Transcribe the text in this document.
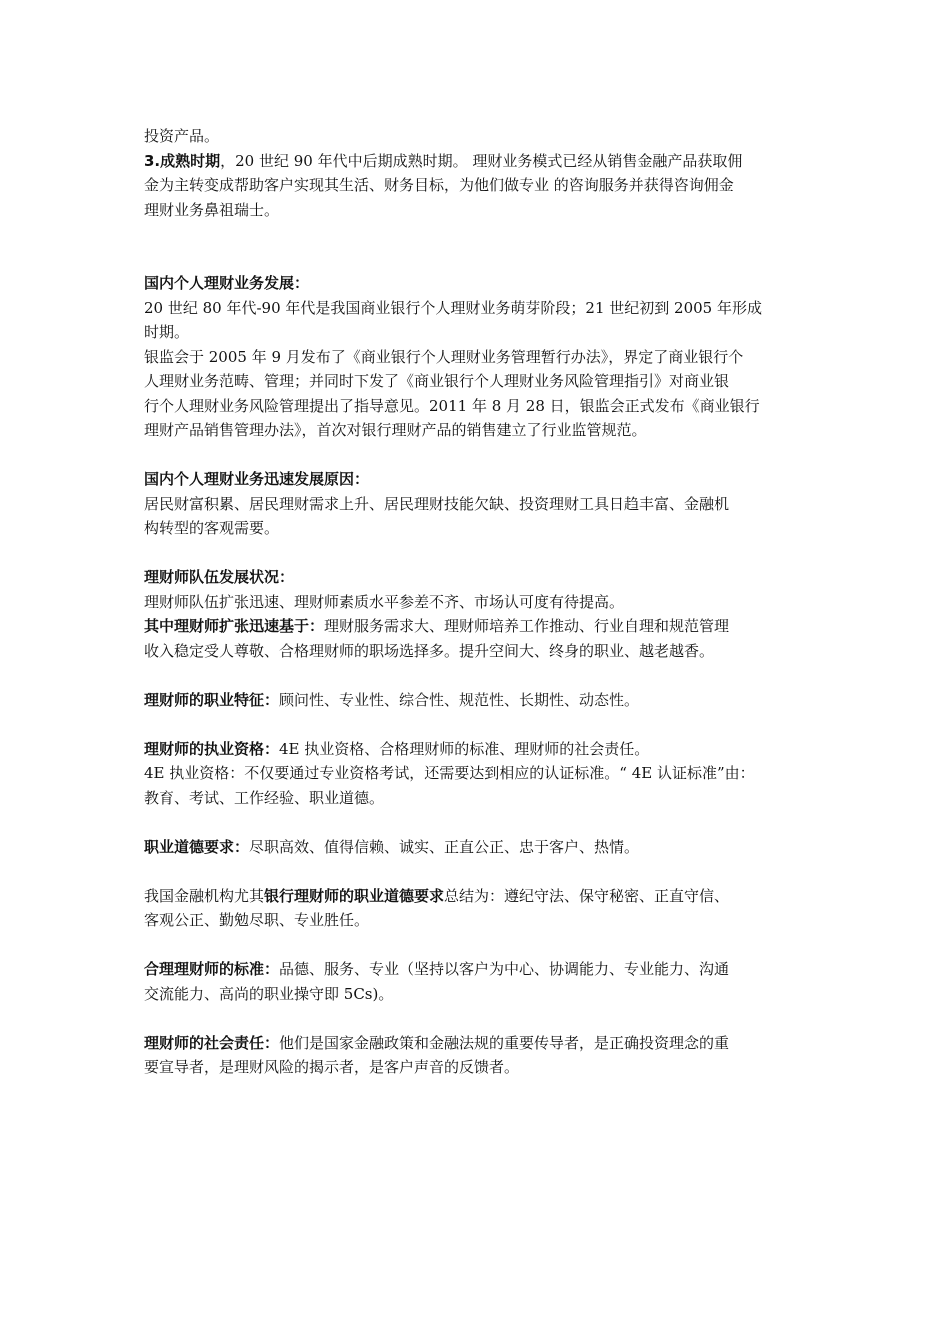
投资产品。
3.成熟时期，20 世纪 90 年代中后期成熟时期。 理财业务模式已经从销售金融产品获取佣
金为主转变成帮助客户实现其生活、财务目标，为他们做专业 的咨询服务并获得咨询佣金
理财业务鼻祖瑞士。
国内个人理财业务发展：
20 世纪 80 年代-90 年代是我国商业银行个人理财业务萌芽阶段；21 世纪初到 2005 年形成
时期。
银监会于 2005 年 9 月发布了《商业银行个人理财业务管理暂行办法》，界定了商业银行个
人理财业务范畴、管理；并同时下发了《商业银行个人理财业务风险管理指引》对商业银
行个人理财业务风险管理提出了指导意见。2011 年 8 月 28 日，银监会正式发布《商业银行
理财产品销售管理办法》，首次对银行理财产品的销售建立了行业监管规范。
国内个人理财业务迅速发展原因：
居民财富积累、居民理财需求上升、居民理财技能欠缺、投资理财工具日趋丰富、金融机
构转型的客观需要。
理财师队伍发展状况：
理财师队伍扩张迅速、理财师素质水平参差不齐、市场认可度有待提高。
其中理财师扩张迅速基于：理财服务需求大、理财师培养工作推动、行业自理和规范管理
收入稳定受人尊敬、合格理财师的职场选择多。提升空间大、终身的职业、越老越香。
理财师的职业特征：顾问性、专业性、综合性、规范性、长期性、动态性。
理财师的执业资格：4E 执业资格、合格理财师的标准、理财师的社会责任。
4E 执业资格：不仅要通过专业资格考试，还需要达到相应的认证标准。“ 4E 认证标准”由：
教育、考试、工作经验、职业道德。
职业道德要求：尽职高效、值得信赖、诚实、正直公正、忠于客户、热情。
我国金融机构尤其银行理财师的职业道德要求总结为：遵纪守法、保守秘密、正直守信、
客观公正、勤勉尽职、专业胜任。
合理理财师的标准：品德、服务、专业（坚持以客户为中心、协调能力、专业能力、沟通
交流能力、高尚的职业操守即 5Cs)。
理财师的社会责任：他们是国家金融政策和金融法规的重要传导者，是正确投资理念的重
要宣导者，是理财风险的揭示者，是客户声音的反馈者。
